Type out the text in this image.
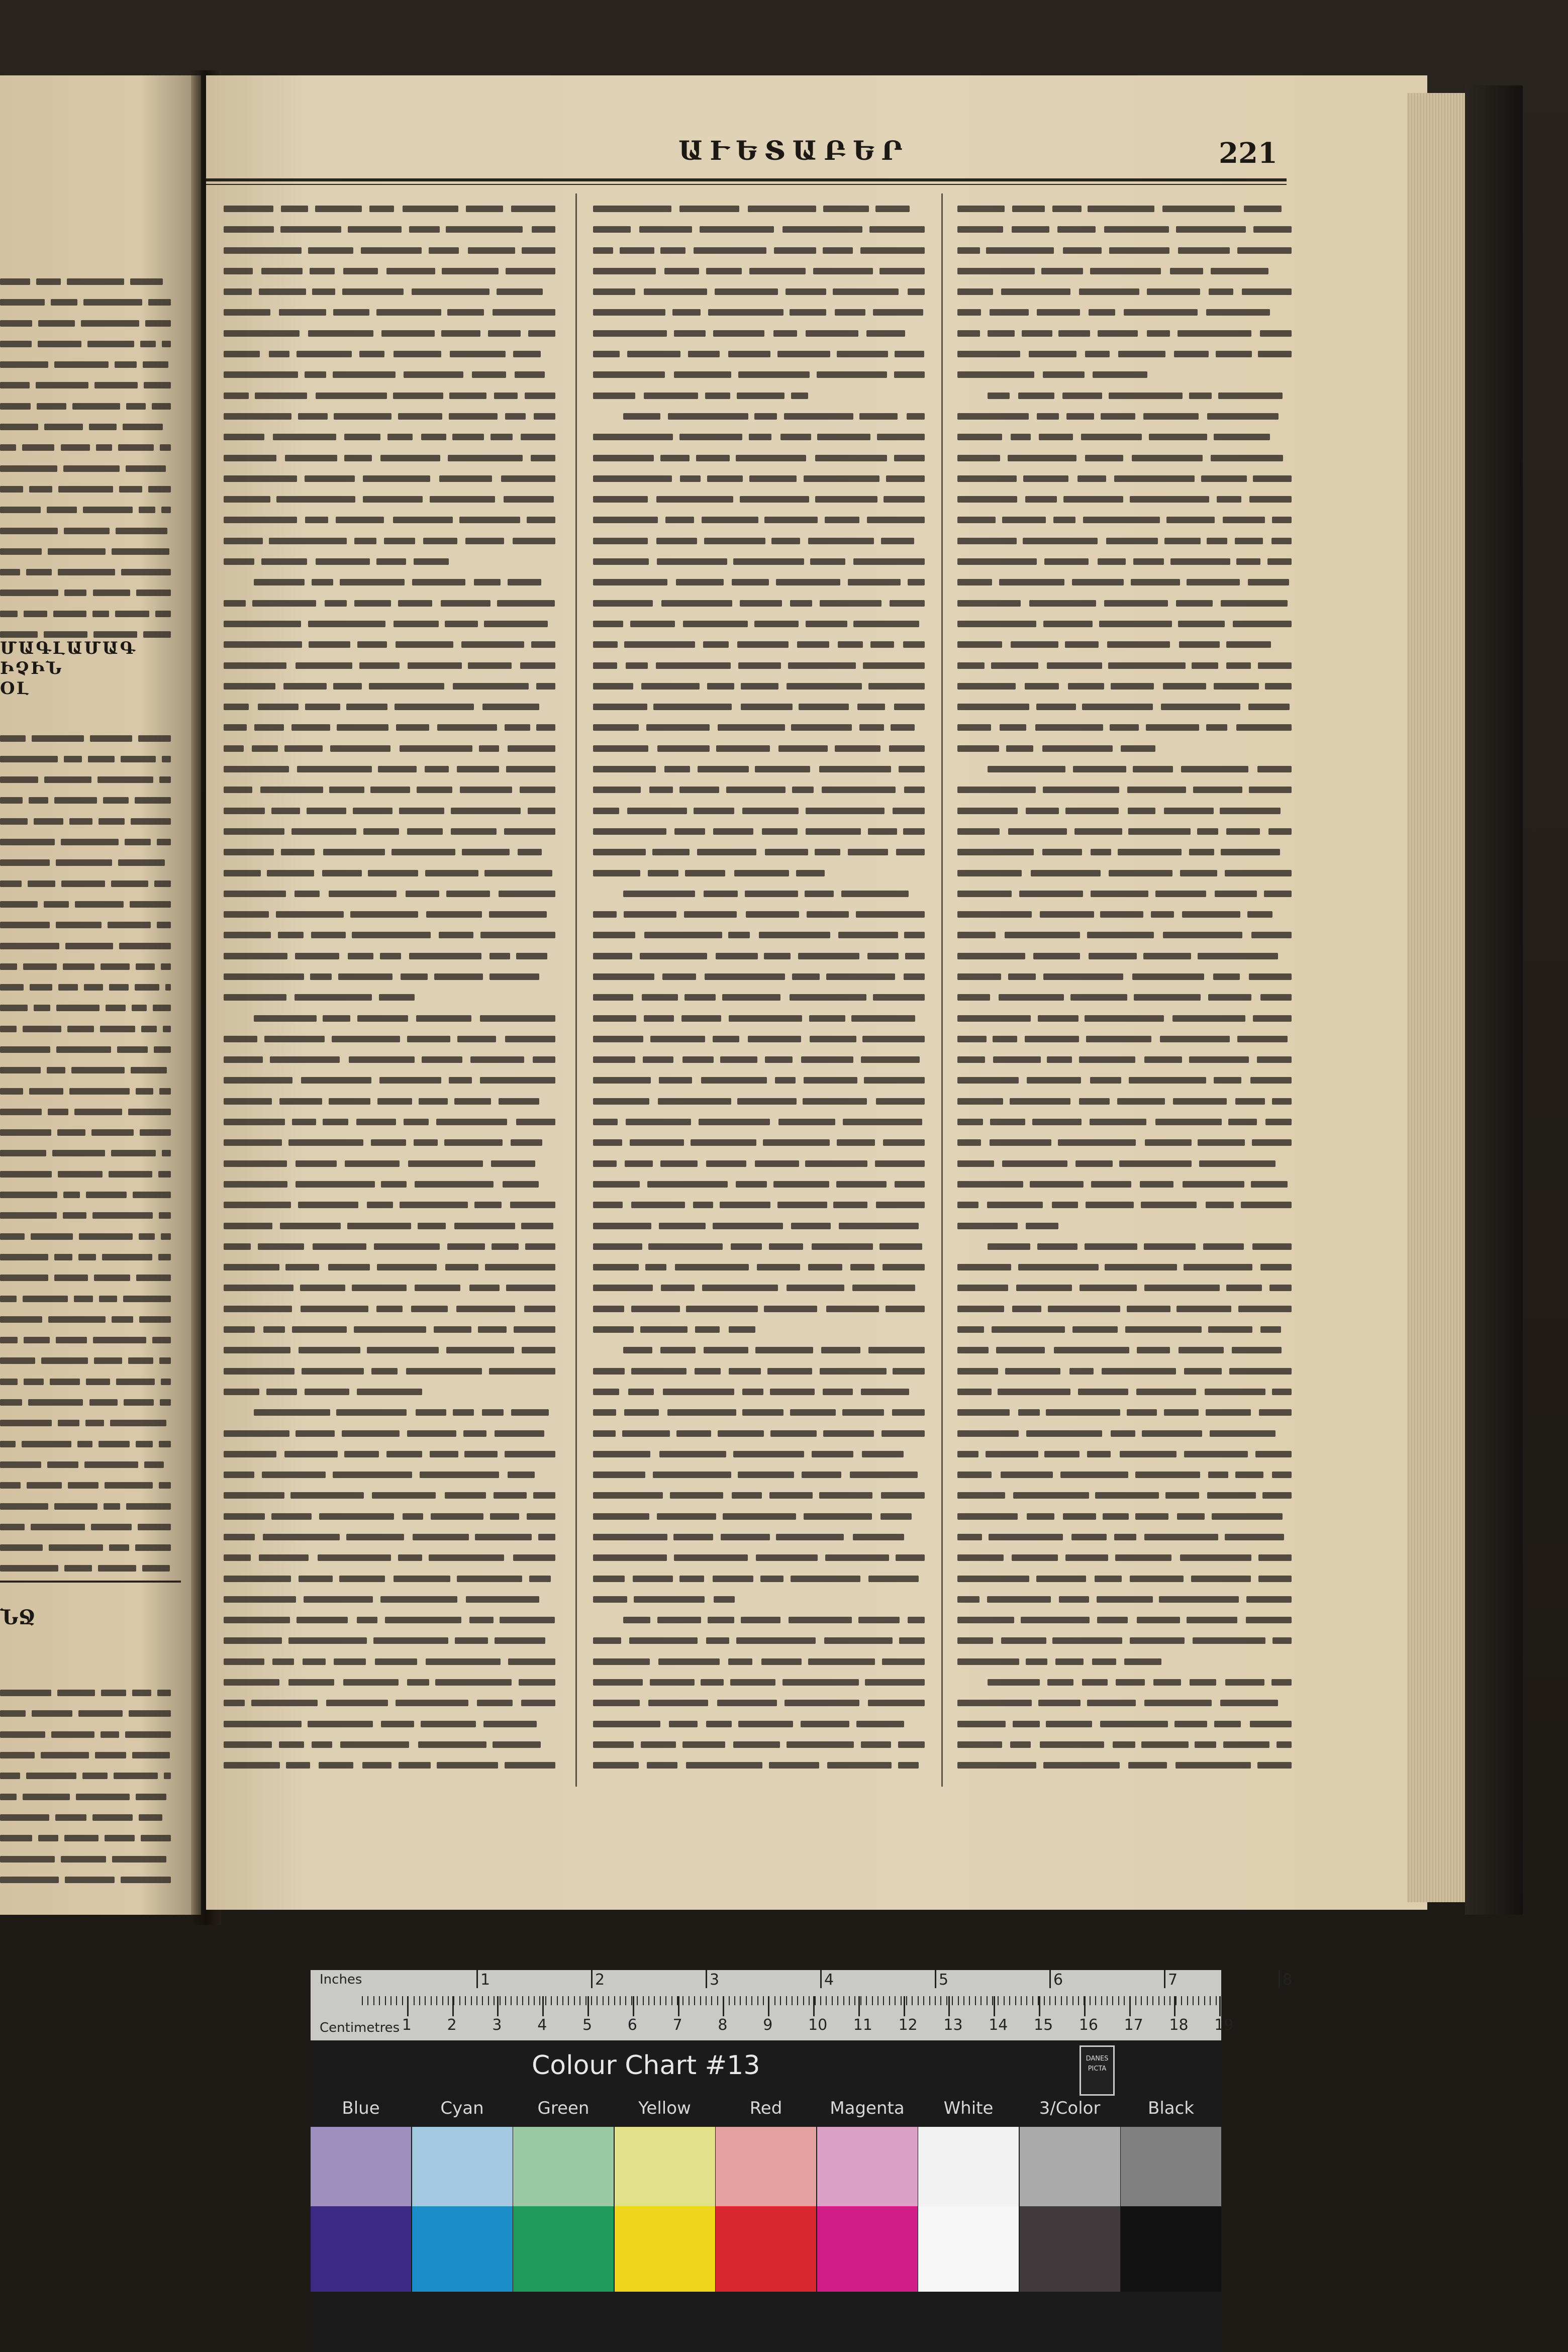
ՄԱԳԼԱՄԱԳ ԻՉԻՆ
ՕԼ
ՆՋ
ԱՒԵՏԱԲԵՐ	221
Inches
Centimetres
1	2	3	4	5	6	7	8
1 2 3 4 5 6 7 8 9 10 11 12 13 14 15 16 17 18 19
Colour Chart #13	DANES
PICTA
Blue	Cyan	Green	Yellow	Red	Magenta	White	3/Color	Black
